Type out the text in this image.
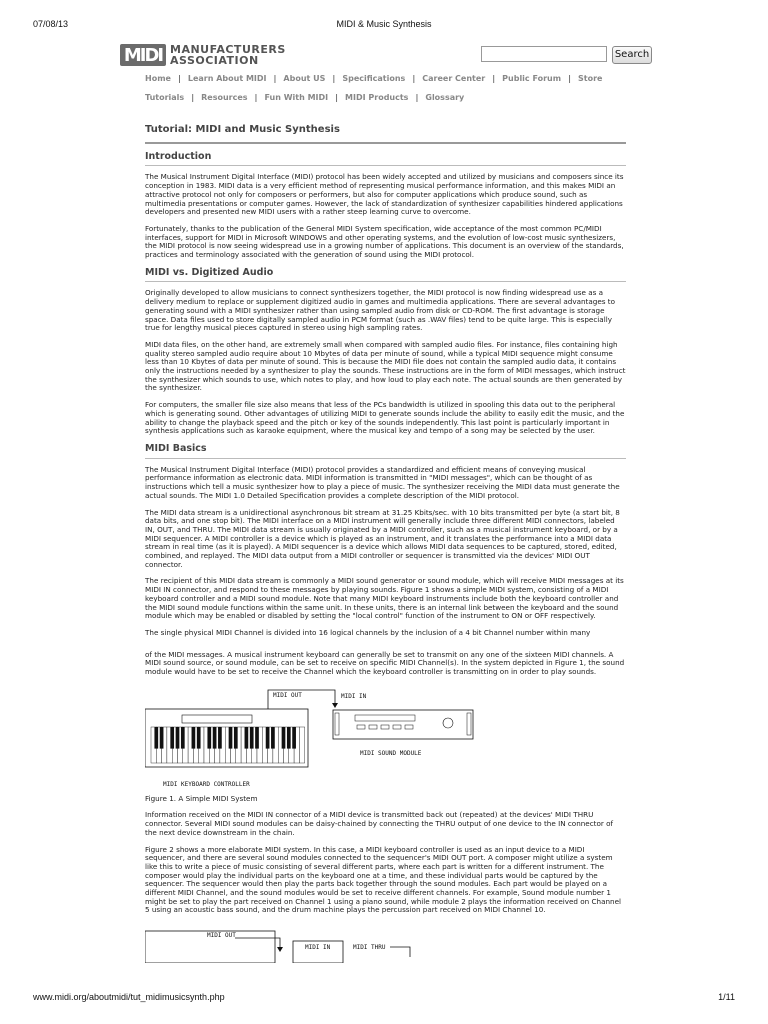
07/08/13	MIDI & Music Synthesis
MIDI MANUFACTURERS
ASSOCIATION	Search
Home | Learn About MIDI | About US | Specifications | Career Center | Public Forum | Store
Tutorials | Resources | Fun With MIDI | MIDI Products | Glossary
Tutorial: MIDI and Music Synthesis
Introduction

The Musical Instrument Digital Interface (MIDI) protocol has been widely accepted and utilized by musicians and composers since its conception in 1983. MIDI data is a very efficient method of representing musical performance information, and this makes MIDI an attractive protocol not only for composers or performers, but also for computer applications which produce sound, such as multimedia presentations or computer games. However, the lack of standardization of synthesizer capabilities hindered applications developers and presented new MIDI users with a rather steep learning curve to overcome.

Fortunately, thanks to the publication of the General MIDI System specification, wide acceptance of the most common PC/MIDI interfaces, support for MIDI in Microsoft WINDOWS and other operating systems, and the evolution of low-cost music synthesizers, the MIDI protocol is now seeing widespread use in a growing number of applications. This document is an overview of the standards, practices and terminology associated with the generation of sound using the MIDI protocol.

MIDI vs. Digitized Audio

Originally developed to allow musicians to connect synthesizers together, the MIDI protocol is now finding widespread use as a delivery medium to replace or supplement digitized audio in games and multimedia applications. There are several advantages to generating sound with a MIDI synthesizer rather than using sampled audio from disk or CD-ROM. The first advantage is storage space. Data files used to store digitally sampled audio in PCM format (such as .WAV files) tend to be quite large. This is especially true for lengthy musical pieces captured in stereo using high sampling rates.

MIDI data files, on the other hand, are extremely small when compared with sampled audio files. For instance, files containing high quality stereo sampled audio require about 10 Mbytes of data per minute of sound, while a typical MIDI sequence might consume less than 10 Kbytes of data per minute of sound. This is because the MIDI file does not contain the sampled audio data, it contains only the instructions needed by a synthesizer to play the sounds. These instructions are in the form of MIDI messages, which instruct the synthesizer which sounds to use, which notes to play, and how loud to play each note. The actual sounds are then generated by the synthesizer.

For computers, the smaller file size also means that less of the PCs bandwidth is utilized in spooling this data out to the peripheral which is generating sound. Other advantages of utilizing MIDI to generate sounds include the ability to easily edit the music, and the ability to change the playback speed and the pitch or key of the sounds independently. This last point is particularly important in synthesis applications such as karaoke equipment, where the musical key and tempo of a song may be selected by the user.

MIDI Basics

The Musical Instrument Digital Interface (MIDI) protocol provides a standardized and efficient means of conveying musical performance information as electronic data. MIDI information is transmitted in "MIDI messages", which can be thought of as instructions which tell a music synthesizer how to play a piece of music. The synthesizer receiving the MIDI data must generate the actual sounds. The MIDI 1.0 Detailed Specification provides a complete description of the MIDI protocol.

The MIDI data stream is a unidirectional asynchronous bit stream at 31.25 Kbits/sec. with 10 bits transmitted per byte (a start bit, 8 data bits, and one stop bit). The MIDI interface on a MIDI instrument will generally include three different MIDI connectors, labeled IN, OUT, and THRU. The MIDI data stream is usually originated by a MIDI controller, such as a musical instrument keyboard, or by a MIDI sequencer. A MIDI controller is a device which is played as an instrument, and it translates the performance into a MIDI data stream in real time (as it is played). A MIDI sequencer is a device which allows MIDI data sequences to be captured, stored, edited, combined, and replayed. The MIDI data output from a MIDI controller or sequencer is transmitted via the devices' MIDI OUT connector.

The recipient of this MIDI data stream is commonly a MIDI sound generator or sound module, which will receive MIDI messages at its MIDI IN connector, and respond to these messages by playing sounds. Figure 1 shows a simple MIDI system, consisting of a MIDI keyboard controller and a MIDI sound module. Note that many MIDI keyboard instruments include both the keyboard controller and the MIDI sound module functions within the same unit. In these units, there is an internal link between the keyboard and the sound module which may be enabled or disabled by setting the "local control" function of the instrument to ON or OFF respectively.

The single physical MIDI Channel is divided into 16 logical channels by the inclusion of a 4 bit Channel number within many

of the MIDI messages. A musical instrument keyboard can generally be set to transmit on any one of the sixteen MIDI channels. A MIDI sound source, or sound module, can be set to receive on specific MIDI Channel(s). In the system depicted in Figure 1, the sound module would have to be set to receive the Channel which the keyboard controller is transmitting on in order to play sounds.

MIDI OUT	MIDI IN
MIDI KEYBOARD CONTROLLER
MIDI SOUND MODULE

Figure 1. A Simple MIDI System

Information received on the MIDI IN connector of a MIDI device is transmitted back out (repeated) at the devices' MIDI THRU connector. Several MIDI sound modules can be daisy-chained by connecting the THRU output of one device to the IN connector of the next device downstream in the chain.

Figure 2 shows a more elaborate MIDI system. In this case, a MIDI keyboard controller is used as an input device to a MIDI sequencer, and there are several sound modules connected to the sequencer's MIDI OUT port. A composer might utilize a system like this to write a piece of music consisting of several different parts, where each part is written for a different instrument. The composer would play the individual parts on the keyboard one at a time, and these individual parts would be captured by the sequencer. The sequencer would then play the parts back together through the sound modules. Each part would be played on a different MIDI Channel, and the sound modules would be set to receive different channels. For example, Sound module number 1 might be set to play the part received on Channel 1 using a piano sound, while module 2 plays the information received on Channel 5 using an acoustic bass sound, and the drum machine plays the percussion part received on MIDI Channel 10.

MIDI OUT
MIDI IN	MIDI THRU
www.midi.org/aboutmidi/tut_midimusicsynth.php	1/11
